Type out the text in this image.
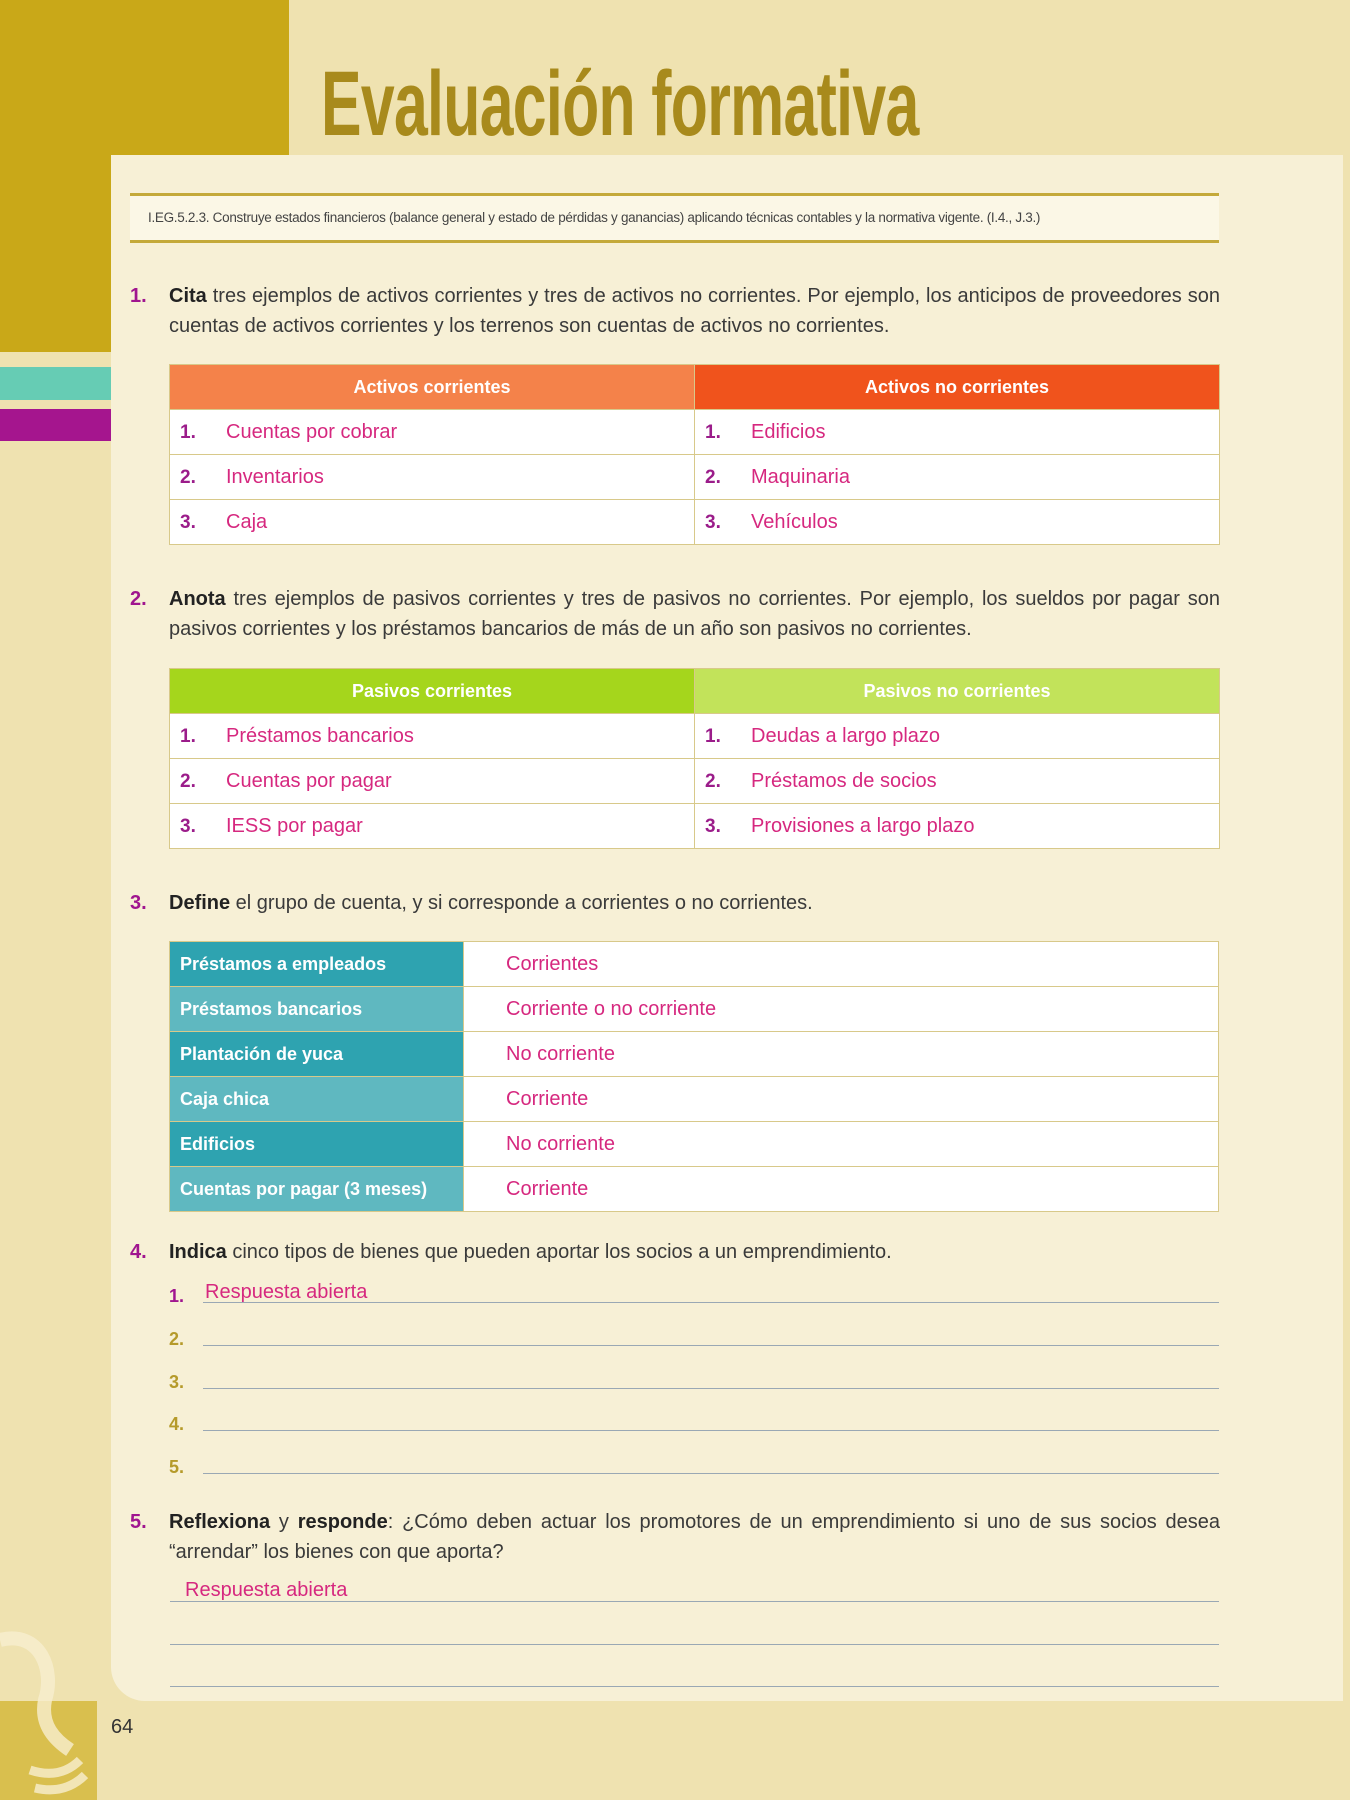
Evaluación formativa
I.EG.5.2.3. Construye estados financieros (balance general y estado de pérdidas y ganancias) aplicando técnicas contables y la normativa vigente. (I.4., J.3.)
1. Cita tres ejemplos de activos corrientes y tres de activos no corrientes. Por ejemplo, los anticipos de proveedores son cuentas de activos corrientes y los terrenos son cuentas de activos no corrientes.
Activos corrientes	Activos no corrientes
1. Cuentas por cobrar	1. Edificios
2. Inventarios	2. Maquinaria
3. Caja	3. Vehículos
2. Anota tres ejemplos de pasivos corrientes y tres de pasivos no corrientes. Por ejemplo, los sueldos por pagar son pasivos corrientes y los préstamos bancarios de más de un año son pasivos no corrientes.
Pasivos corrientes	Pasivos no corrientes
1. Préstamos bancarios	1. Deudas a largo plazo
2. Cuentas por pagar	2. Préstamos de socios
3. IESS por pagar	3. Provisiones a largo plazo
3. Define el grupo de cuenta, y si corresponde a corrientes o no corrientes.
Préstamos a empleados	Corrientes
Préstamos bancarios	Corriente o no corriente
Plantación de yuca	No corriente
Caja chica	Corriente
Edificios	No corriente
Cuentas por pagar (3 meses)	Corriente
4. Indica cinco tipos de bienes que pueden aportar los socios a un emprendimiento.
1.
2.
3.
4.
5.
Respuesta abierta
5. Reflexiona y responde: ¿Cómo deben actuar los promotores de un emprendimiento si uno de sus socios desea “arrendar” los bienes con que aporta?
Respuesta abierta
64
